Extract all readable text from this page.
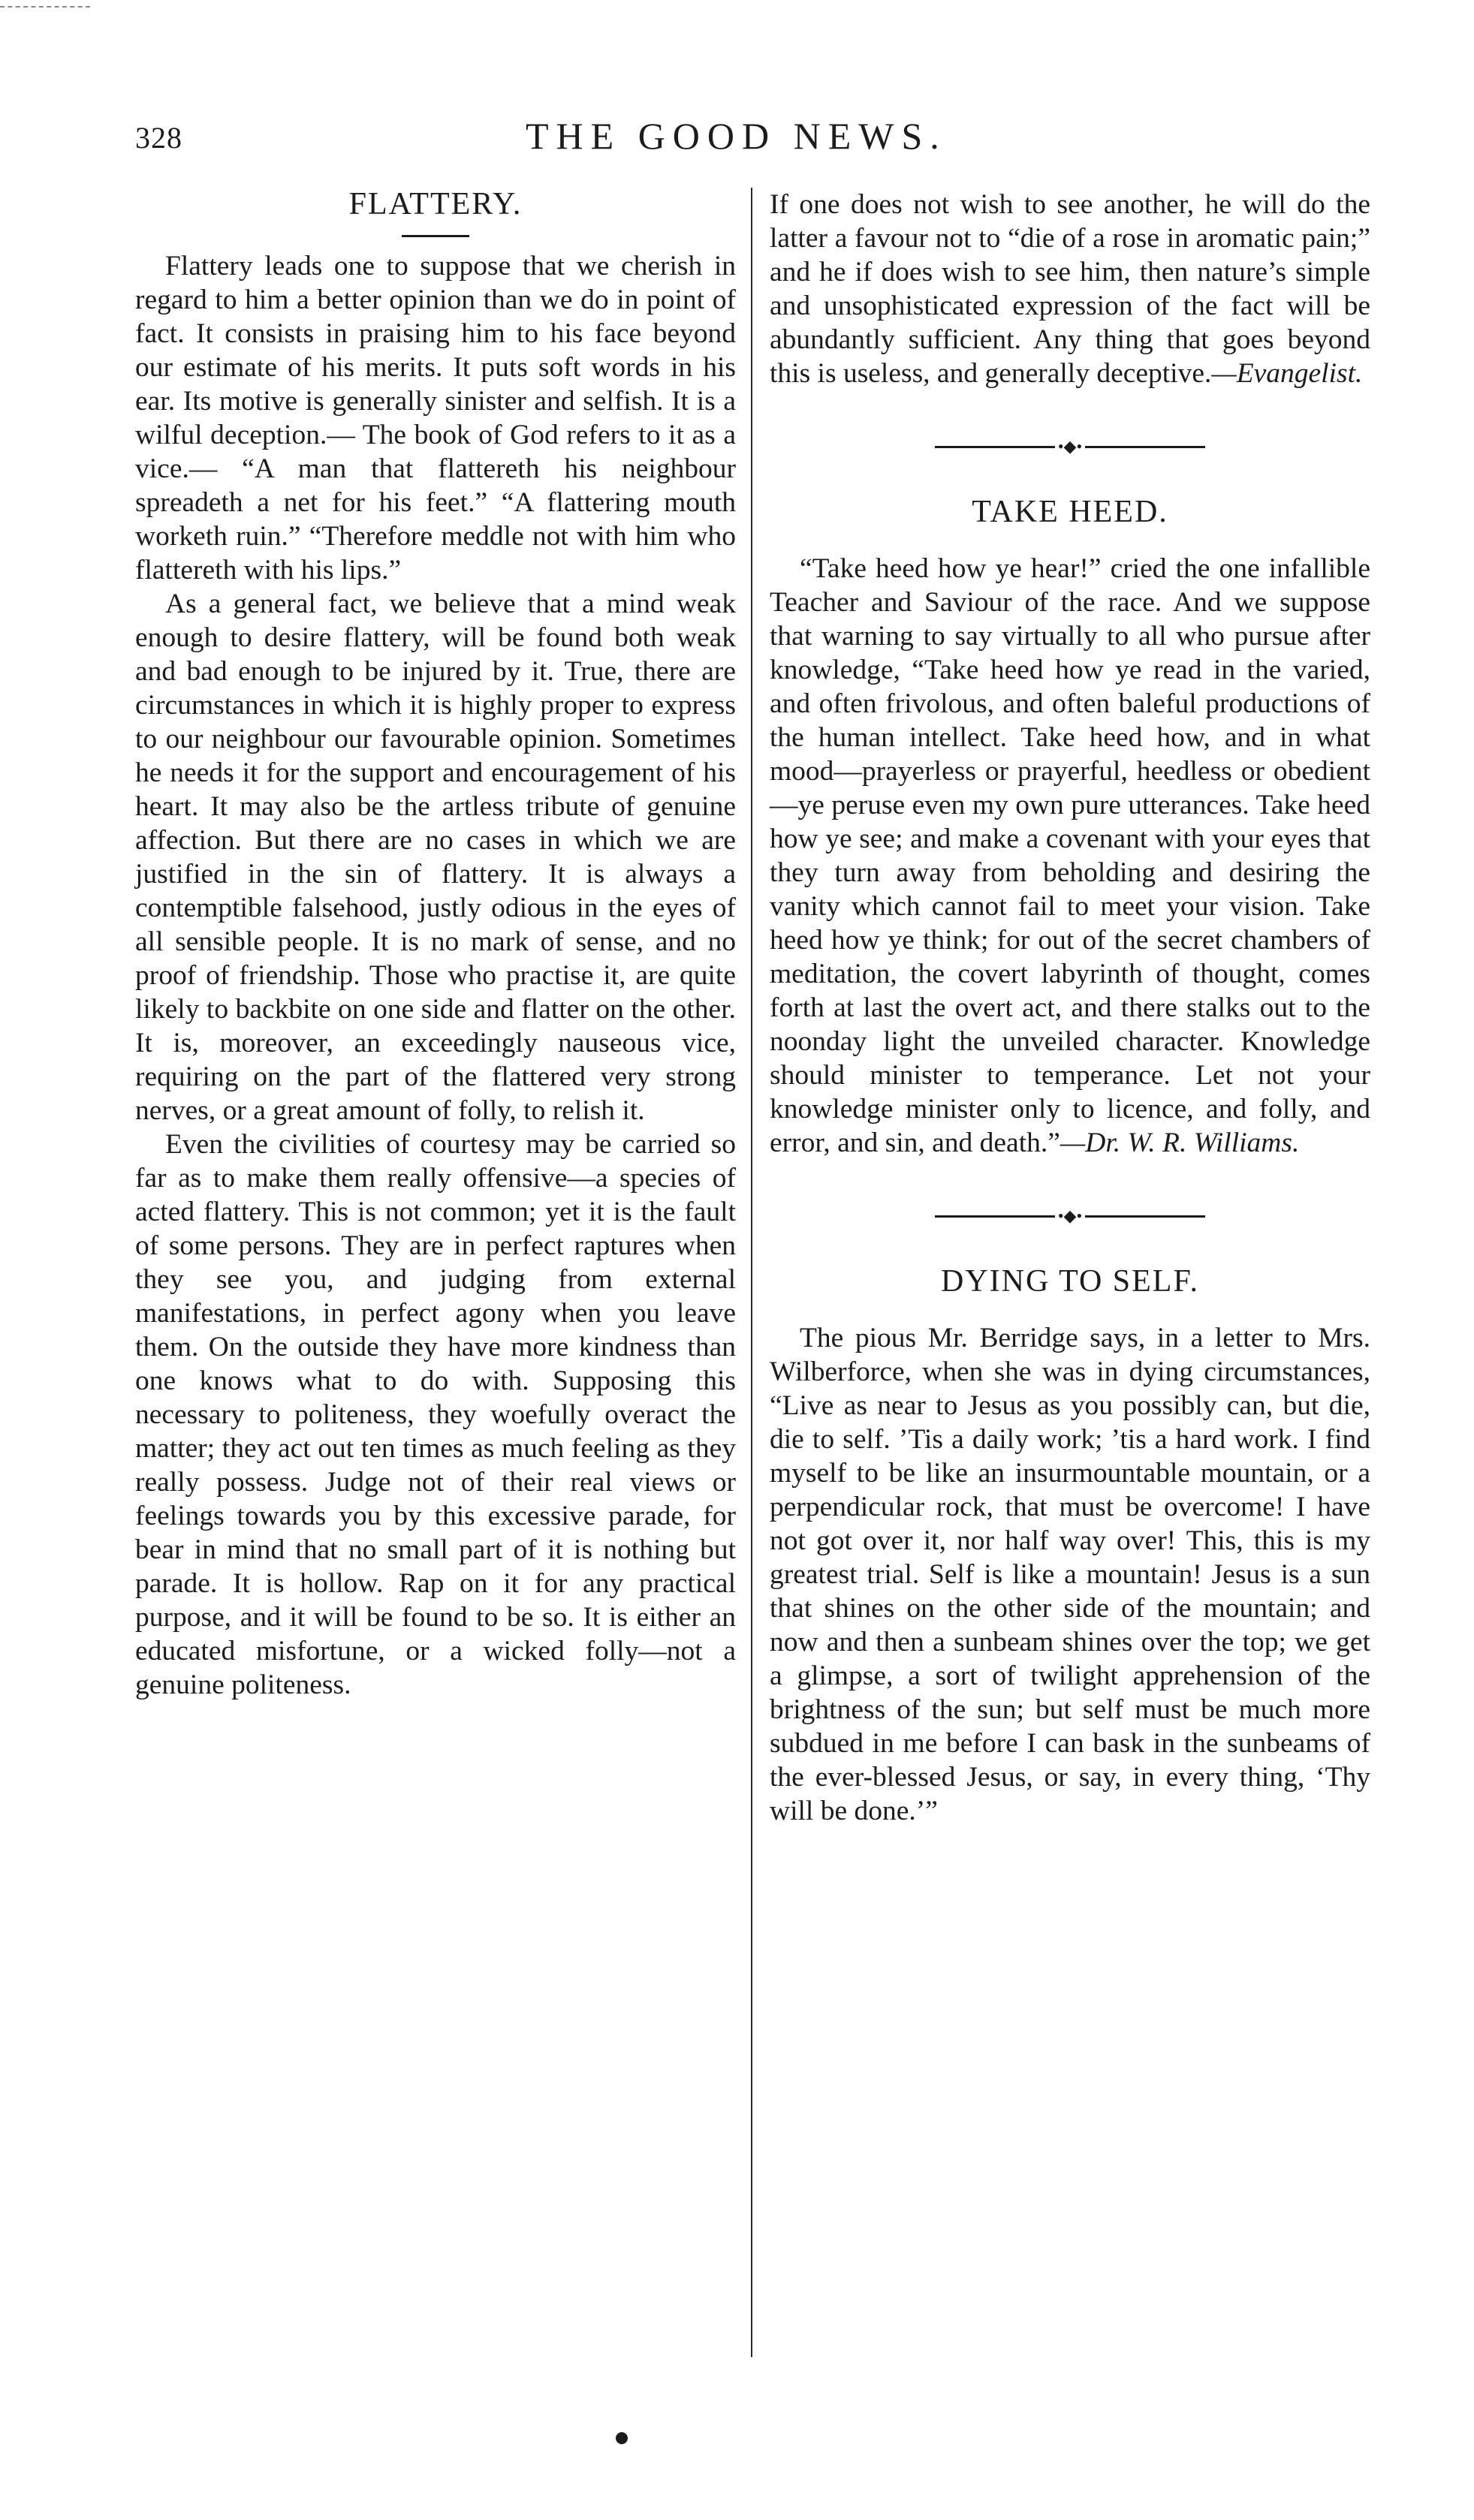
328	THE GOOD NEWS.
FLATTERY.

Flattery leads one to suppose that we cherish in regard to him a better opinion than we do in point of fact. It consists in praising him to his face beyond our estimate of his merits. It puts soft words in his ear. Its motive is generally sinister and selfish. It is a wilful deception.— The book of God refers to it as a vice.— “A man that flattereth his neighbour spreadeth a net for his feet.” “A flattering mouth worketh ruin.” “Therefore meddle not with him who flattereth with his lips.”

As a general fact, we believe that a mind weak enough to desire flattery, will be found both weak and bad enough to be injured by it. True, there are circumstances in which it is highly proper to express to our neighbour our favourable opinion. Sometimes he needs it for the support and encouragement of his heart. It may also be the artless tribute of genuine affection. But there are no cases in which we are justified in the sin of flattery. It is always a contemptible falsehood, justly odious in the eyes of all sensible people. It is no mark of sense, and no proof of friendship. Those who practise it, are quite likely to backbite on one side and flatter on the other. It is, moreover, an exceedingly nauseous vice, requiring on the part of the flattered very strong nerves, or a great amount of folly, to relish it.

Even the civilities of courtesy may be carried so far as to make them really offensive—a species of acted flattery. This is not common; yet it is the fault of some persons. They are in perfect raptures when they see you, and judging from external manifestations, in perfect agony when you leave them. On the outside they have more kindness than one knows what to do with. Supposing this necessary to politeness, they woefully overact the matter; they act out ten times as much feeling as they really possess. Judge not of their real views or feelings towards you by this excessive parade, for bear in mind that no small part of it is nothing but parade. It is hollow. Rap on it for any practical purpose, and it will be found to be so. It is either an educated misfortune, or a wicked folly—not a genuine politeness.

If one does not wish to see another, he will do the latter a favour not to “die of a rose in aromatic pain;” and he if does wish to see him, then nature’s simple and unsophisticated expression of the fact will be abundantly sufficient. Any thing that goes beyond this is useless, and generally deceptive.—Evangelist.

•◆•
TAKE HEED.

“Take heed how ye hear!” cried the one infallible Teacher and Saviour of the race. And we suppose that warning to say virtually to all who pursue after knowledge, “Take heed how ye read in the varied, and often frivolous, and often baleful productions of the human intellect. Take heed how, and in what mood—prayerless or prayerful, heedless or obedient—ye peruse even my own pure utterances. Take heed how ye see; and make a covenant with your eyes that they turn away from beholding and desiring the vanity which cannot fail to meet your vision. Take heed how ye think; for out of the secret chambers of meditation, the covert labyrinth of thought, comes forth at last the overt act, and there stalks out to the noonday light the unveiled character. Knowledge should minister to temperance. Let not your knowledge minister only to licence, and folly, and error, and sin, and death.”—Dr. W. R. Williams.

•◆•
DYING TO SELF.

The pious Mr. Berridge says, in a letter to Mrs. Wilberforce, when she was in dying circumstances, “Live as near to Jesus as you possibly can, but die, die to self. ’Tis a daily work; ’tis a hard work. I find myself to be like an insurmountable mountain, or a perpendicular rock, that must be overcome! I have not got over it, nor half way over! This, this is my greatest trial. Self is like a mountain! Jesus is a sun that shines on the other side of the mountain; and now and then a sunbeam shines over the top; we get a glimpse, a sort of twilight apprehension of the brightness of the sun; but self must be much more subdued in me before I can bask in the sunbeams of the ever-blessed Jesus, or say, in every thing, ‘Thy will be done.’”
